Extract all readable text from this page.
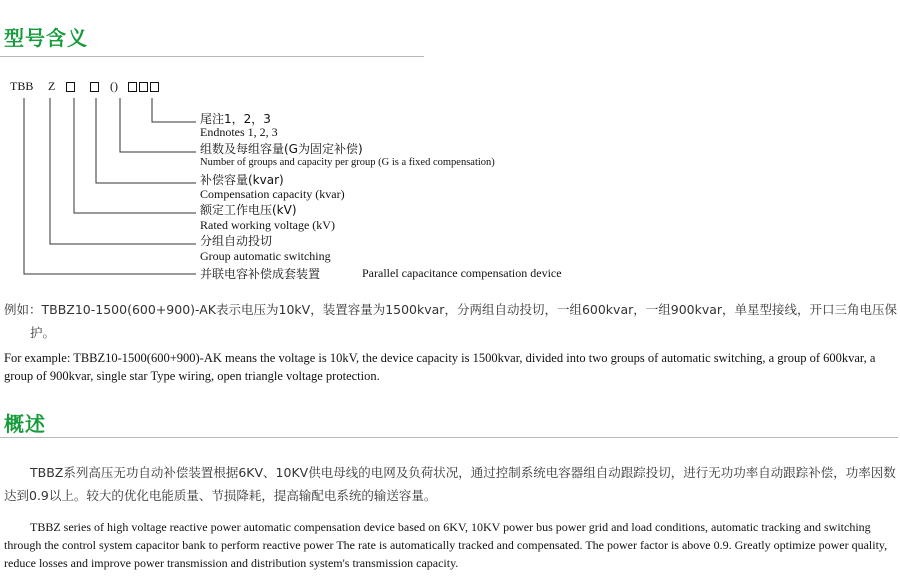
型号含义
TBB Z	()
尾注1，2，3
Endnotes 1, 2, 3
组数及每组容量(G为固定补偿)
Number of groups and capacity per group (G is a fixed compensation)
补偿容量(kvar)
Compensation capacity (kvar)
额定工作电压(kV)
Rated working voltage (kV)
分组自动投切
Group automatic switching
并联电容补偿成套装置	Parallel capacitance compensation device

例如：TBBZ10-1500(600+900)-AK表示电压为10kV，装置容量为1500kvar，分两组自动投切，一组600kvar，一组900kvar，单星型接线，开口三角电压保护。

For example: TBBZ10-1500(600+900)-AK means the voltage is 10kV, the device capacity is 1500kvar, divided into two groups of automatic switching, a group of 600kvar, a group of 900kvar, single star Type wiring, open triangle voltage protection.

概述

TBBZ系列高压无功自动补偿装置根据6KV、10KV供电母线的电网及负荷状况，通过控制系统电容器组自动跟踪投切，进行无功功率自动跟踪补偿，功率因数达到0.9以上。较大的优化电能质量、节损降耗，提高输配电系统的输送容量。

TBBZ series of high voltage reactive power automatic compensation device based on 6KV, 10KV power bus power grid and load conditions, automatic tracking and switching through the control system capacitor bank to perform reactive power The rate is automatically tracked and compensated. The power factor is above 0.9. Greatly optimize power quality, reduce losses and improve power transmission and distribution system's transmission capacity.
